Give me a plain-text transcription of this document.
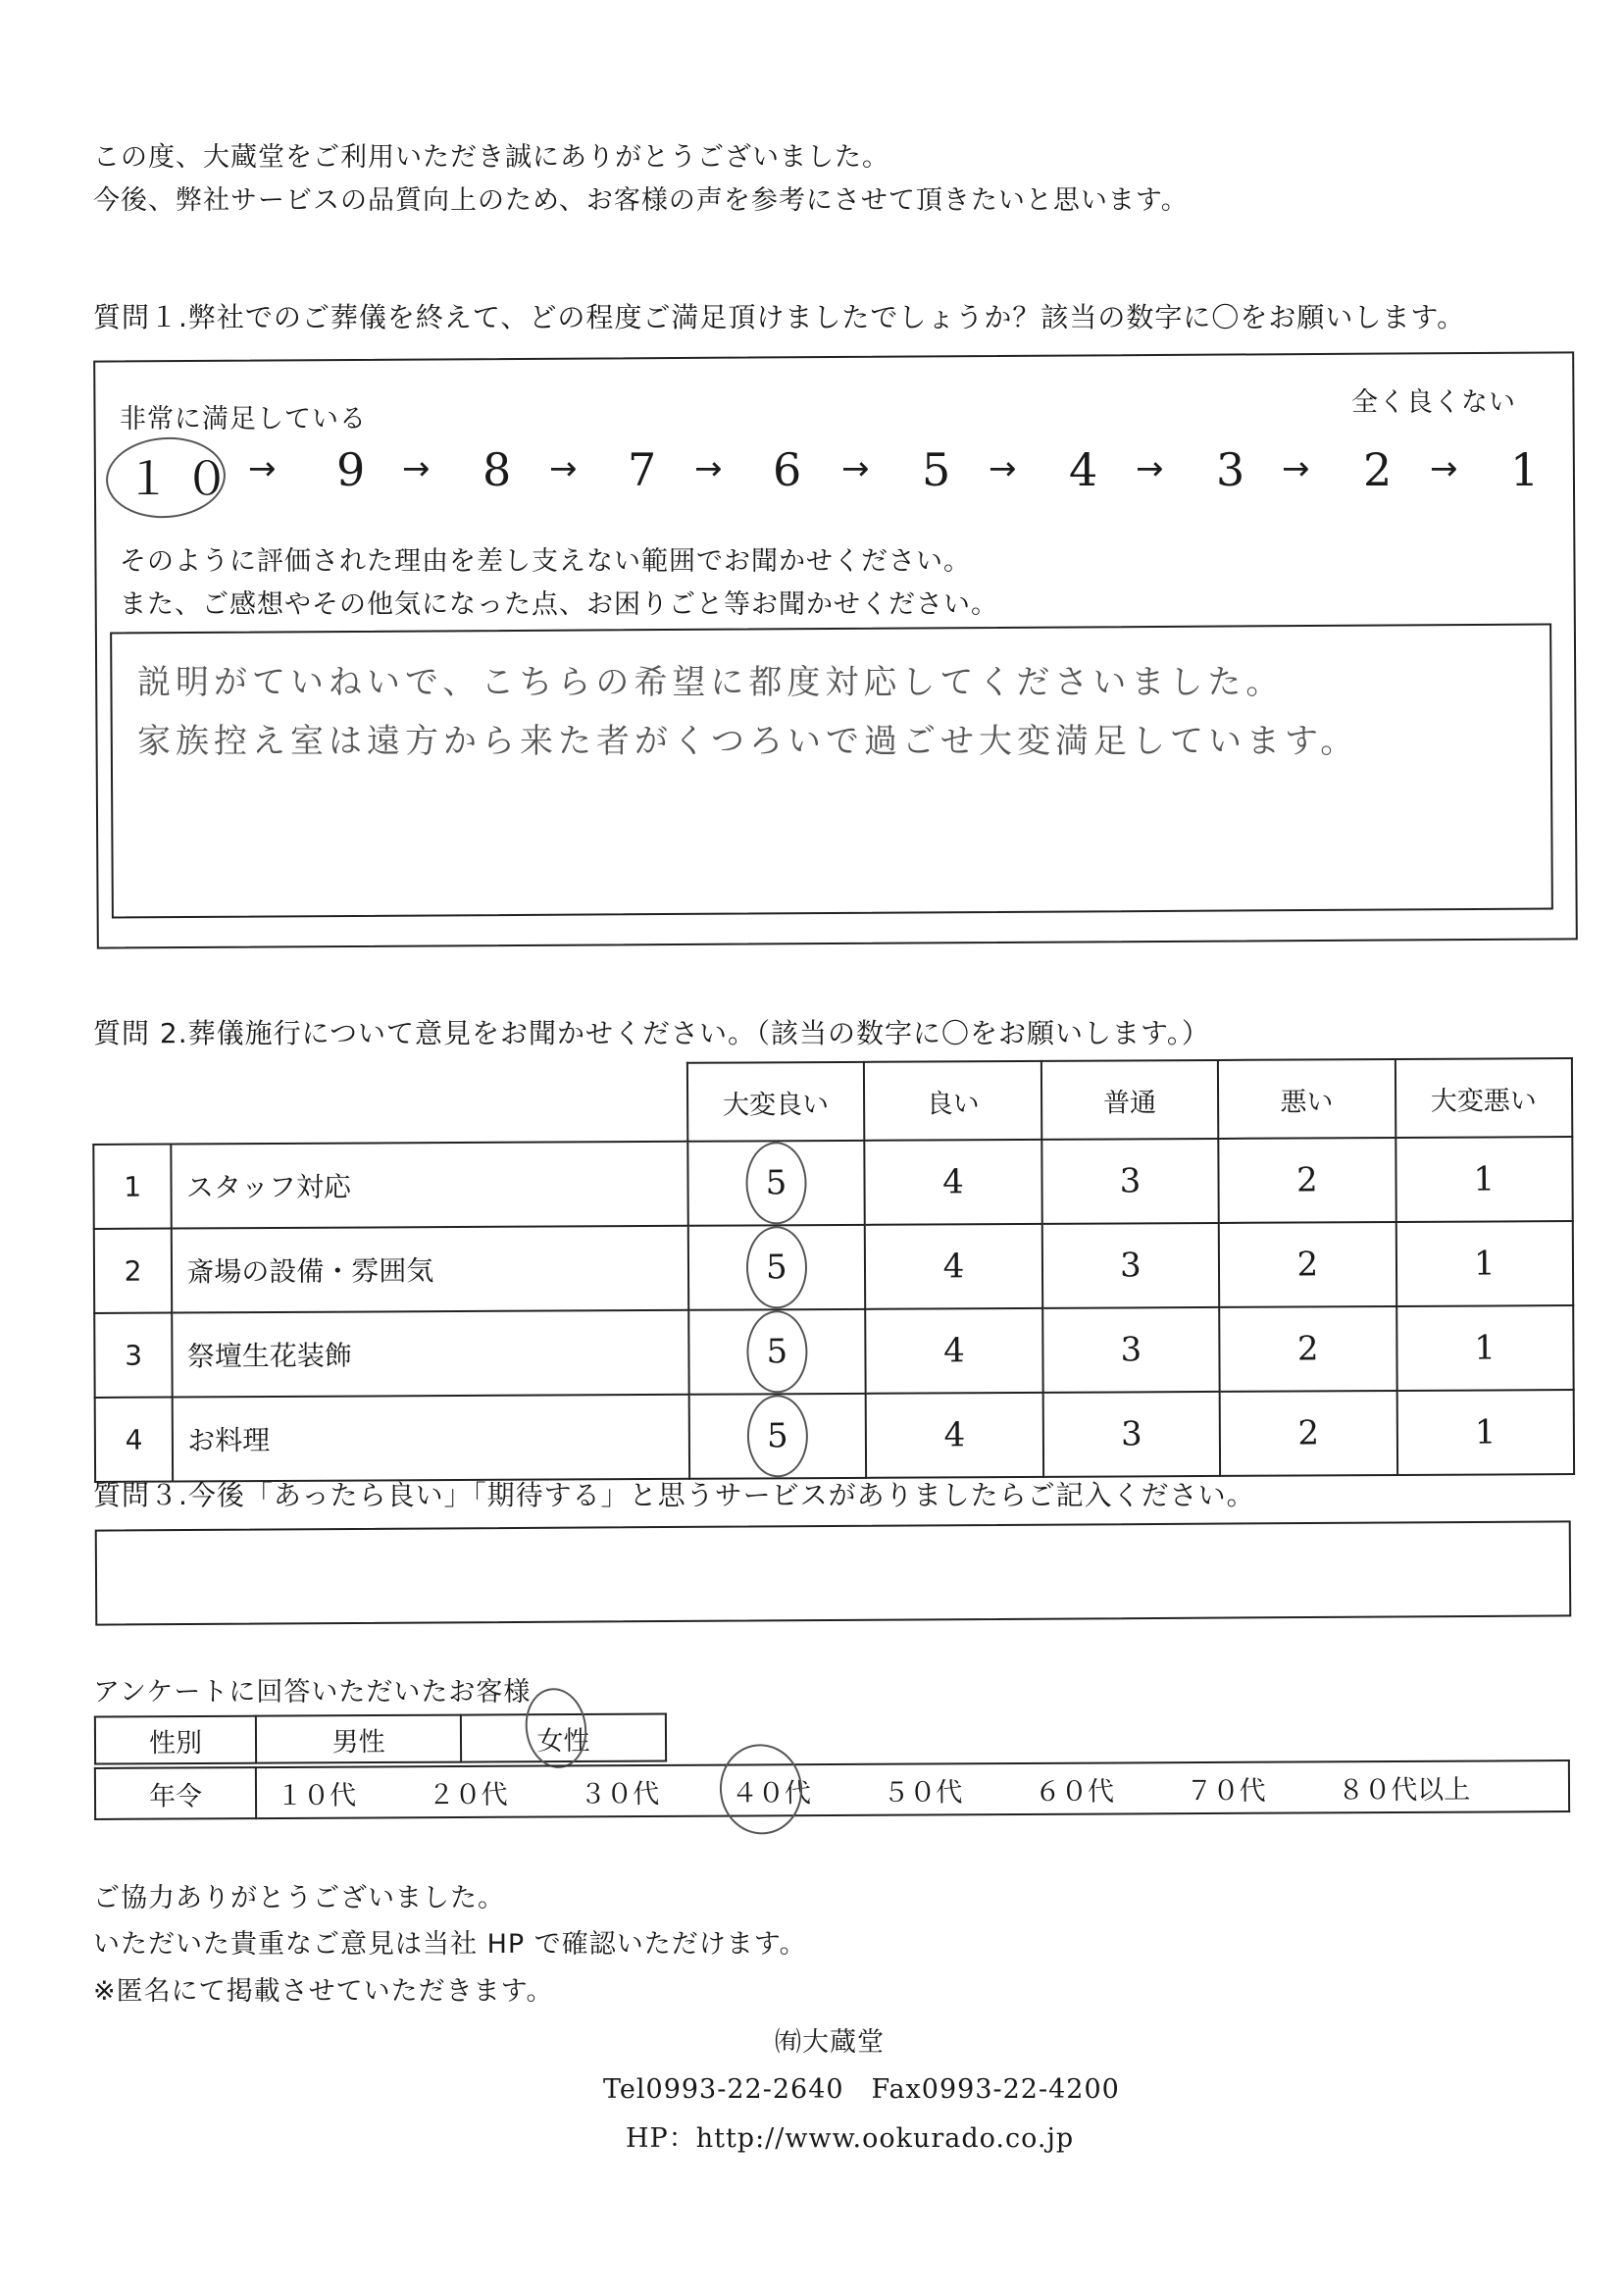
この度、大蔵堂をご利用いただき誠にありがとうございました。
今後、弊社サービスの品質向上のため、お客様の声を参考にさせて頂きたいと思います。
質問１.弊社でのご葬儀を終えて、どの程度ご満足頂けましたでしょうか？該当の数字に〇をお願いします。
非常に満足している
全く良くない
１０ → 9 → 8 → 7 → 6 → 5 → 4 → 3 → 2 → 1
そのように評価された理由を差し支えない範囲でお聞かせください。
また、ご感想やその他気になった点、お困りごと等お聞かせください。
説明がていねいで、こちらの希望に都度対応してくださいました。
家族控え室は遠方から来た者がくつろいで過ごせ大変満足しています。
質問 2.葬儀施行について意見をお聞かせください。（該当の数字に〇をお願いします。）
		大変良い	良い	普通	悪い	大変悪い
1	スタッフ対応	5	4	3	2	1
2	斎場の設備・雰囲気	5	4	3	2	1
3	祭壇生花装飾	5	4	3	2	1
4	お料理	5	4	3	2	1
質問３.今後「あったら良い」「期待する」と思うサービスがありましたらご記入ください。
アンケートに回答いただいたお客様
性別	男性	女性
年令	１０代	２０代	３０代	４０代	５０代	６０代	７０代	８０代以上
ご協力ありがとうございました。
いただいた貴重なご意見は当社 HP で確認いただけます。
※匿名にて掲載させていただきます。
㈲大蔵堂
Tel0993-22-2640　Fax0993-22-4200
HP：http://www.ookurado.co.jp
